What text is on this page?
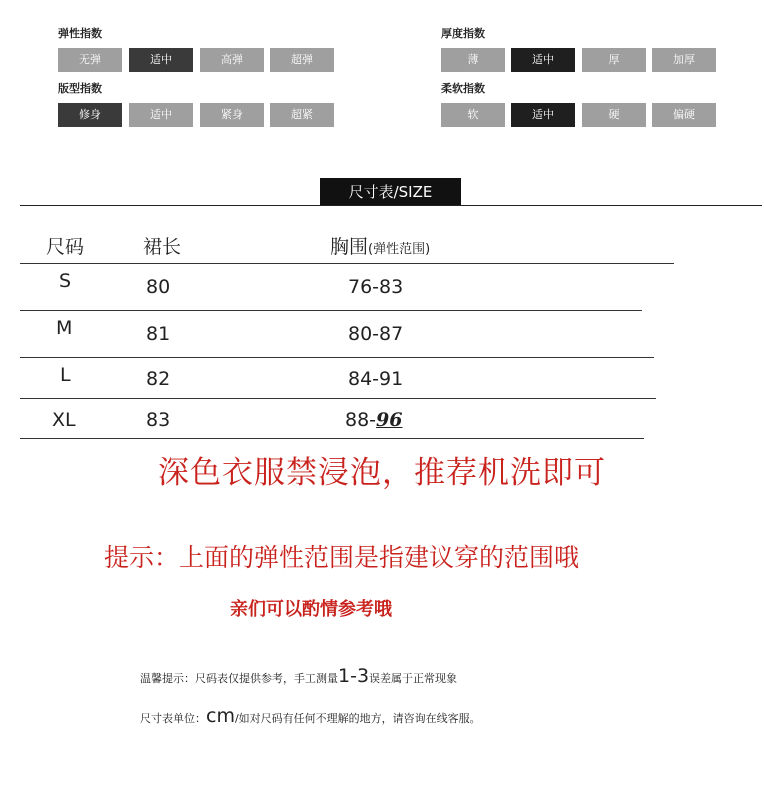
弹性指数
无弹	适中	高弹	超弹
版型指数
修身	适中	紧身	超紧
厚度指数
薄	适中	厚	加厚
柔软指数
软	适中	硬	偏硬
尺寸表/SIZE
尺码	裙长	胸围(弹性范围)
S	80	76-83
M	81	80-87
L	82	84-91
XL	83	88-96
深色衣服禁浸泡，推荐机洗即可
提示：上面的弹性范围是指建议穿的范围哦
亲们可以酌情参考哦
温馨提示：尺码表仅提供参考，手工测量1-3误差属于正常现象
尺寸表单位：cm/如对尺码有任何不理解的地方，请咨询在线客服。
